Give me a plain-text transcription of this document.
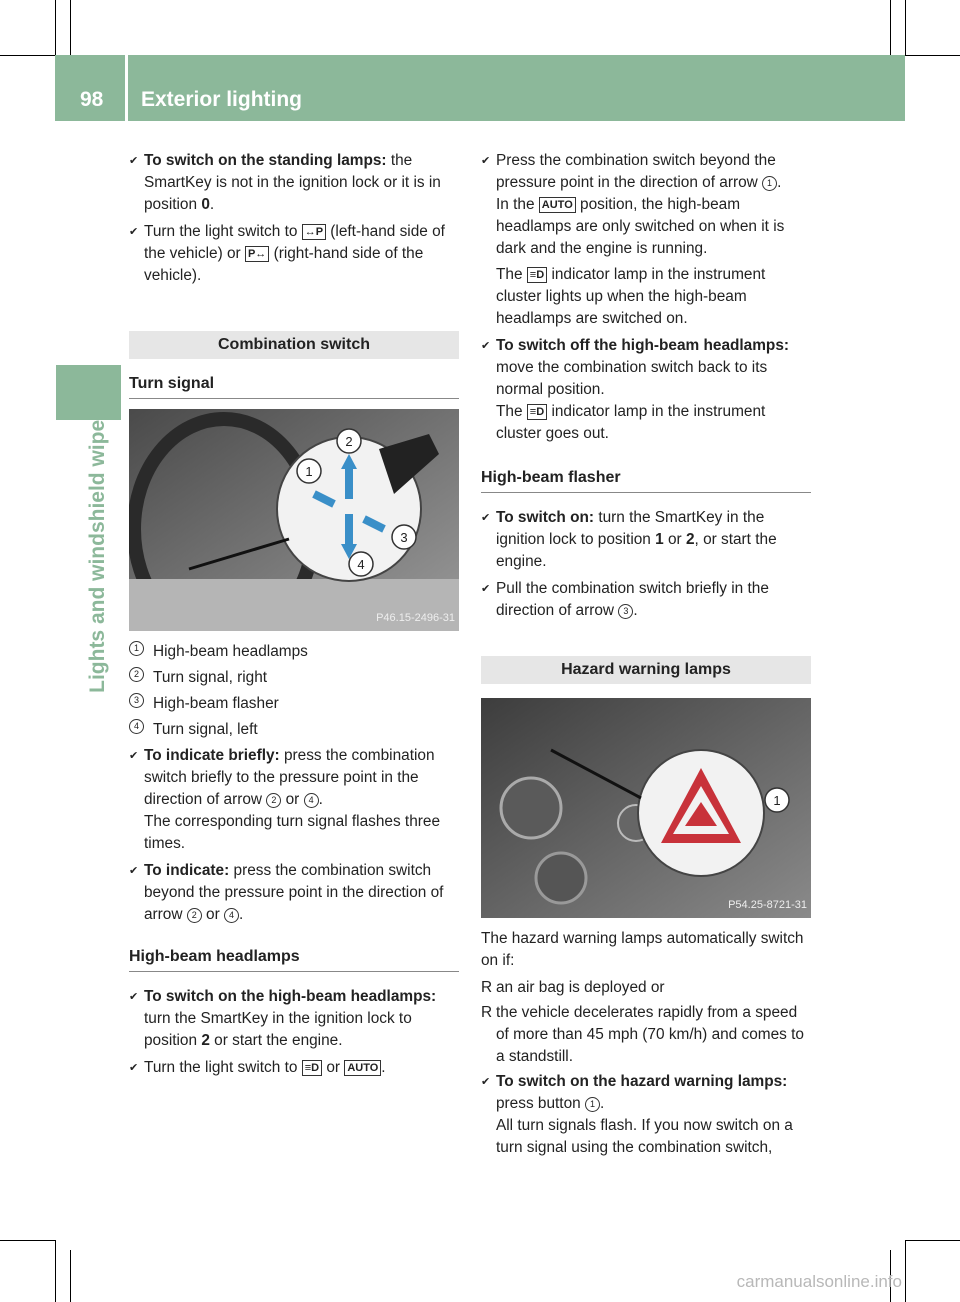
98 Exterior lighting
Lights and windshield wipers
✔ To switch on the standing lamps: the SmartKey is not in the ignition lock or it is in position 0.
✔ Turn the light switch to ↔P (left-hand side of the vehicle) or P↔ (right-hand side of the vehicle).
Combination switch
Turn signal
2
1
3
4
P46.15-2496-31
1 High-beam headlamps
2 Turn signal, right
3 High-beam flasher
4 Turn signal, left
✔ To indicate briefly: press the combination switch briefly to the pressure point in the direction of arrow 2 or 4 .
The corresponding turn signal flashes three times.
✔ To indicate: press the combination switch beyond the pressure point in the direction of arrow 2 or 4 .
High-beam headlamps
✔ To switch on the high-beam headlamps: turn the SmartKey in the ignition lock to position 2 or start the engine.
✔ Turn the light switch to ≡D or AUTO .
✔ Press the combination switch beyond the pressure point in the direction of arrow 1 .
In the AUTO position, the high-beam headlamps are only switched on when it is dark and the engine is running.
The ≡D indicator lamp in the instrument cluster lights up when the high-beam headlamps are switched on.
✔ To switch off the high-beam headlamps: move the combination switch back to its normal position.
The ≡D indicator lamp in the instrument cluster goes out.
High-beam flasher
✔ To switch on: turn the SmartKey in the ignition lock to position 1 or 2, or start the engine.
✔ Pull the combination switch briefly in the direction of arrow 3 .
Hazard warning lamps
1
P54.25-8721-31
The hazard warning lamps automatically switch on if:
R an air bag is deployed or
R the vehicle decelerates rapidly from a speed of more than 45 mph (70 km/h) and comes to a standstill.
✔ To switch on the hazard warning lamps: press button 1 .
All turn signals flash. If you now switch on a turn signal using the combination switch,
carmanualsonline.info
